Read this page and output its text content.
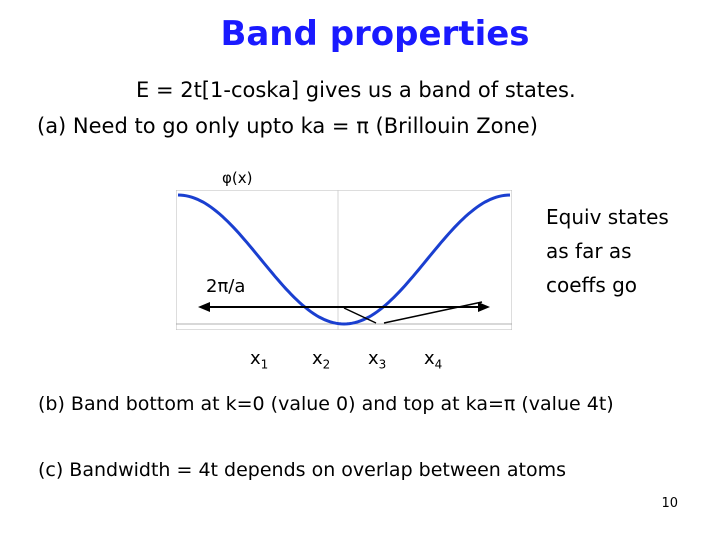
Band properties
E = 2t[1-coska] gives us a band of states.
(a) Need to go only upto ka = π (Brillouin Zone)
φ(x)
Equiv states
as far as
coeffs go
2π/a
$x_1$ $x_2$ $x_3$ $x_4$
(b) Band bottom at k=0 (value 0) and top at ka=π (value 4t)
(c) Bandwidth = 4t depends on overlap between atoms
10
